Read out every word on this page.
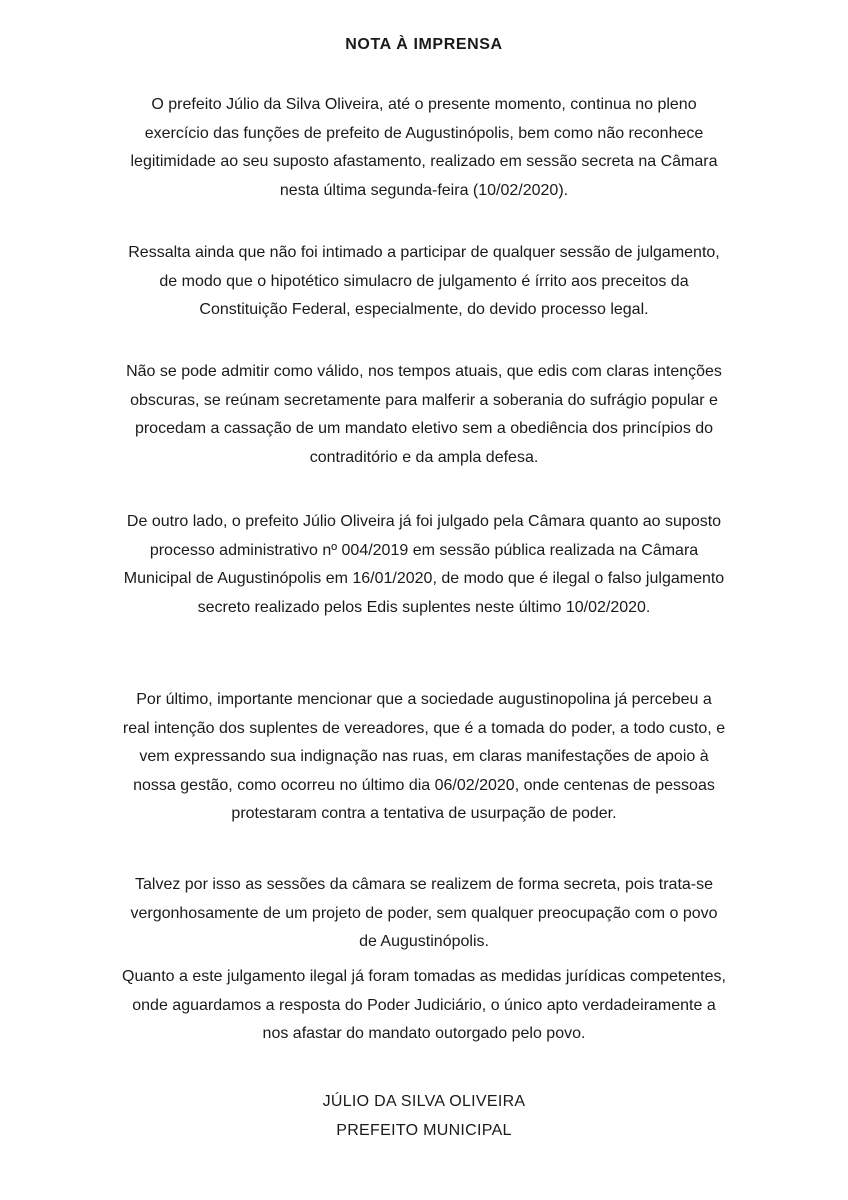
NOTA À IMPRENSA

O prefeito Júlio da Silva Oliveira, até o presente momento, continua no pleno exercício das funções de prefeito de Augustinópolis, bem como não reconhece legitimidade ao seu suposto afastamento, realizado em sessão secreta na Câmara nesta última segunda-feira (10/02/2020).

Ressalta ainda que não foi intimado a participar de qualquer sessão de julgamento, de modo que o hipotético simulacro de julgamento é írrito aos preceitos da Constituição Federal, especialmente, do devido processo legal.

Não se pode admitir como válido, nos tempos atuais, que edis com claras intenções obscuras, se reúnam secretamente para malferir a soberania do sufrágio popular e procedam a cassação de um mandato eletivo sem a obediência dos princípios do contraditório e da ampla defesa.

De outro lado, o prefeito Júlio Oliveira já foi julgado pela Câmara quanto ao suposto processo administrativo nº 004/2019 em sessão pública realizada na Câmara Municipal de Augustinópolis em 16/01/2020, de modo que é ilegal o falso julgamento secreto realizado pelos Edis suplentes neste último 10/02/2020.

Por último, importante mencionar que a sociedade augustinopolina já percebeu a real intenção dos suplentes de vereadores, que é a tomada do poder, a todo custo, e vem expressando sua indignação nas ruas, em claras manifestações de apoio à nossa gestão, como ocorreu no último dia 06/02/2020, onde centenas de pessoas protestaram contra a tentativa de usurpação de poder.

Talvez por isso as sessões da câmara se realizem de forma secreta, pois trata-se vergonhosamente de um projeto de poder, sem qualquer preocupação com o povo de Augustinópolis.

Quanto a este julgamento ilegal já foram tomadas as medidas jurídicas competentes, onde aguardamos a resposta do Poder Judiciário, o único apto verdadeiramente a nos afastar do mandato outorgado pelo povo.

JÚLIO DA SILVA OLIVEIRA
PREFEITO MUNICIPAL
